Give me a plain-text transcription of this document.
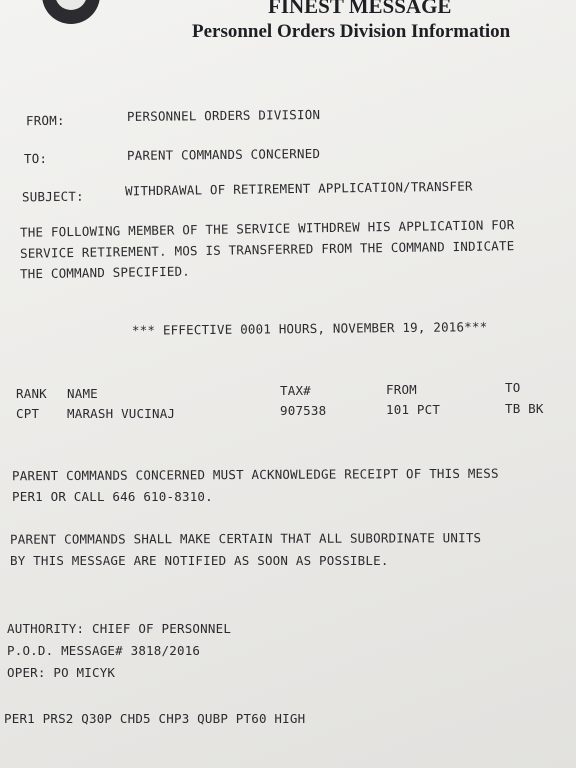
FINEST MESSAGE
Personnel Orders Division Information
FROM:	PERSONNEL ORDERS DIVISION
TO:	PARENT COMMANDS CONCERNED
SUBJECT:	WITHDRAWAL OF RETIREMENT APPLICATION/TRANSFER
THE FOLLOWING MEMBER OF THE SERVICE WITHDREW HIS APPLICATION FOR
SERVICE RETIREMENT. MOS IS TRANSFERRED FROM THE COMMAND INDICATE
THE COMMAND SPECIFIED.
*** EFFECTIVE 0001 HOURS, NOVEMBER 19, 2016***
RANK NAME	TAX#	FROM	TO
CPT MARASH VUCINAJ	907538	101 PCT	TB BK
PARENT COMMANDS CONCERNED MUST ACKNOWLEDGE RECEIPT OF THIS MESS
PER1 OR CALL 646 610-8310.
PARENT COMMANDS SHALL MAKE CERTAIN THAT ALL SUBORDINATE UNITS
BY THIS MESSAGE ARE NOTIFIED AS SOON AS POSSIBLE.
AUTHORITY: CHIEF OF PERSONNEL
P.O.D. MESSAGE# 3818/2016
OPER: PO MICYK
PER1 PRS2 Q30P CHD5 CHP3 QUBP PT60 HIGH
